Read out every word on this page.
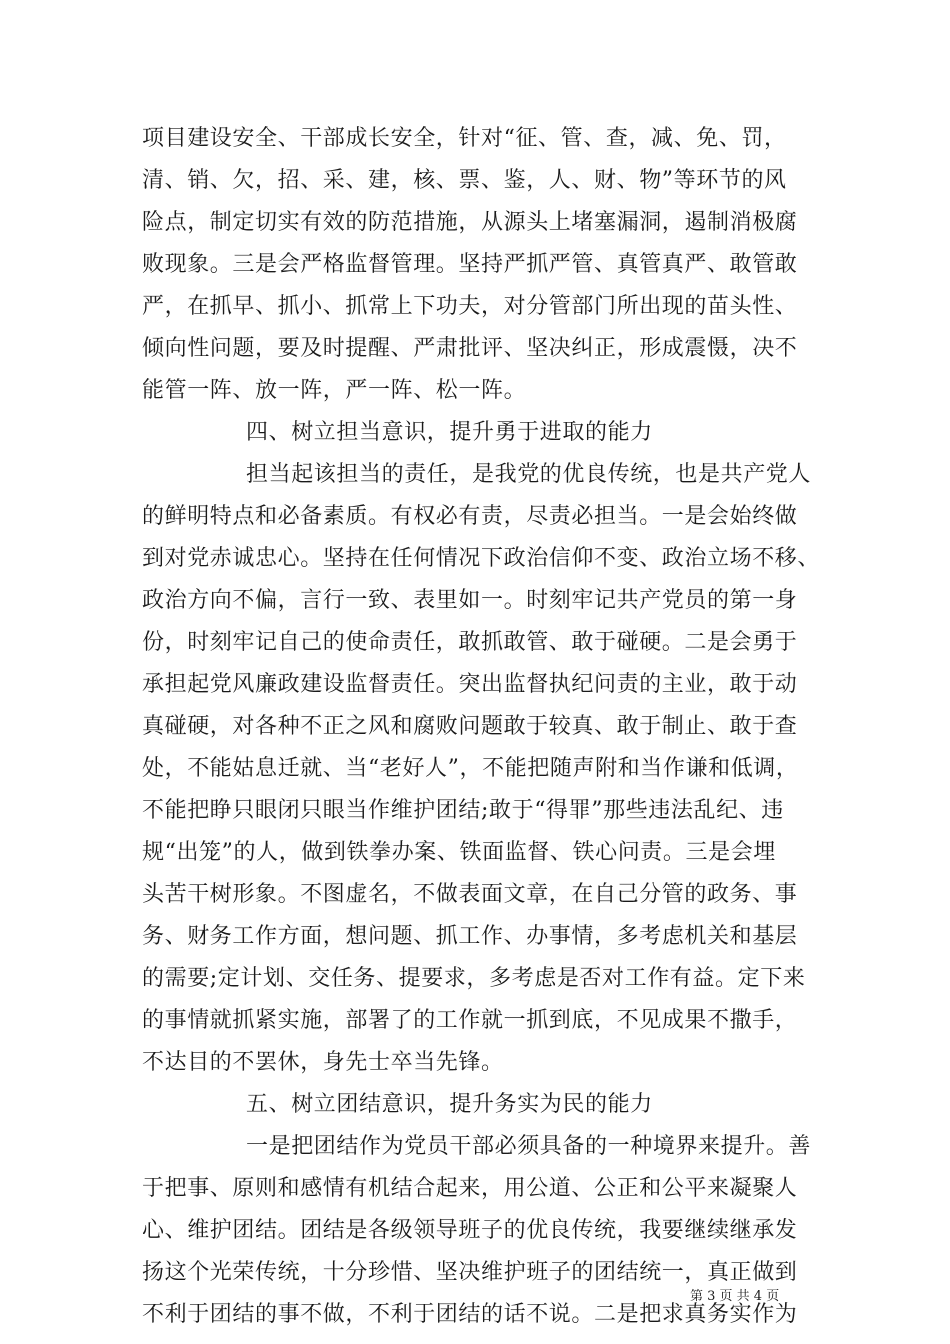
项目建设安全、干部成长安全，针对“征、管、查，减、免、罚，
清、销、欠，招、采、建，核、票、鉴，人、财、物”等环节的风
险点，制定切实有效的防范措施，从源头上堵塞漏洞，遏制消极腐
败现象。三是会严格监督管理。坚持严抓严管、真管真严、敢管敢
严，在抓早、抓小、抓常上下功夫，对分管部门所出现的苗头性、
倾向性问题，要及时提醒、严肃批评、坚决纠正，形成震慑，决不
能管一阵、放一阵，严一阵、松一阵。
四、树立担当意识，提升勇于进取的能力
担当起该担当的责任，是我党的优良传统，也是共产党人
的鲜明特点和必备素质。有权必有责，尽责必担当。一是会始终做
到对党赤诚忠心。坚持在任何情况下政治信仰不变、政治立场不移、
政治方向不偏，言行一致、表里如一。时刻牢记共产党员的第一身
份，时刻牢记自己的使命责任，敢抓敢管、敢于碰硬。二是会勇于
承担起党风廉政建设监督责任。突出监督执纪问责的主业，敢于动
真碰硬，对各种不正之风和腐败问题敢于较真、敢于制止、敢于查
处，不能姑息迁就、当“老好人”，不能把随声附和当作谦和低调，
不能把睁只眼闭只眼当作维护团结;敢于“得罪”那些违法乱纪、违
规“出笼”的人，做到铁拳办案、铁面监督、铁心问责。三是会埋
头苦干树形象。不图虚名，不做表面文章，在自己分管的政务、事
务、财务工作方面，想问题、抓工作、办事情，多考虑机关和基层
的需要;定计划、交任务、提要求，多考虑是否对工作有益。定下来
的事情就抓紧实施，部署了的工作就一抓到底，不见成果不撒手，
不达目的不罢休，身先士卒当先锋。
五、树立团结意识，提升务实为民的能力
一是把团结作为党员干部必须具备的一种境界来提升。善
于把事、原则和感情有机结合起来，用公道、公正和公平来凝聚人
心、维护团结。团结是各级领导班子的优良传统，我要继续继承发
扬这个光荣传统，十分珍惜、坚决维护班子的团结统一，真正做到
不利于团结的事不做，不利于团结的话不说。二是把求真务实作为
第 3 页 共 4 页
